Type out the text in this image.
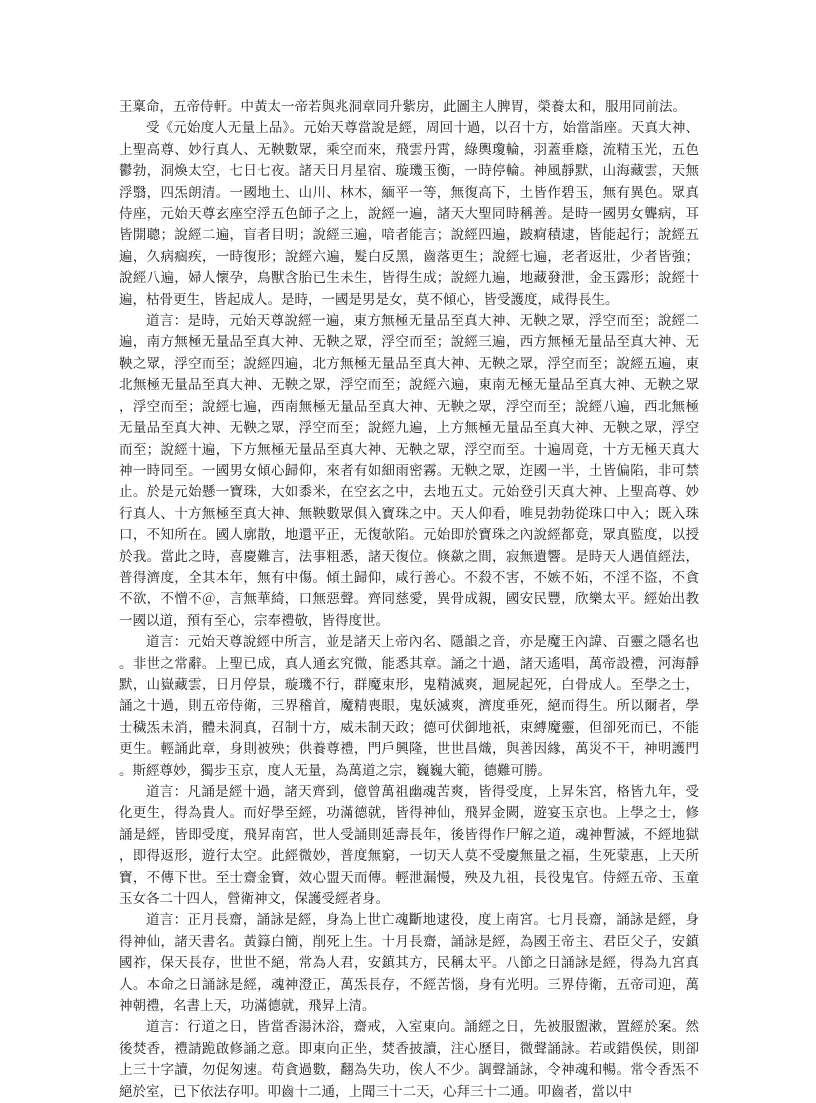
王稟命，五帝侍軒。中黃太一帝若與兆洞章同升紫房，此圖主人脾胃，榮養太和，服用同前法。

受《元始度人无量上品》。元始天尊當說是經，周回十過，以召十方，始當詣座。天真大神、上聖高尊、妙行真人、无鞅數眾，乘空而來，飛雲丹霄，綠輿瓊輪，羽蓋垂廕，流精玉光，五色鬱勃，洞煥太空，七日七夜。諸天日月星宿、璇璣玉衡，一時停輪。神風靜默，山海藏雲，天無浮翳，四炁朗清。一國地土、山川、林木，緬平一等，無復高下，土皆作碧玉，無有異色。眾真侍座，元始天尊玄座空浮五色師子之上，說經一遍，諸天大聖同時稱善。是時一國男女聾病，耳皆開聰；說經二遍，盲者目明；說經三遍，喑者能言；說經四遍，跛痾積逮，皆能起行；說經五遍，久病痼疾，一時復形；說經六遍，髮白反黑，齒落更生；說經七遍，老者返壯，少者皆強；說經八遍，婦人懷孕，鳥獸含胎已生未生，皆得生成；說經九遍，地藏發泄，金玉露形；說經十遍，枯骨更生，皆起成人。是時，一國是男是女，莫不傾心，皆受護度，咸得長生。

道言：是時，元始天尊說經一遍，東方無極无量品至真大神、无鞅之眾，浮空而至；說經二遍，南方無極无量品至真大神、无鞅之眾，浮空而至；說經三遍，西方無極无量品至真大神、无鞅之眾，浮空而至；說經四遍，北方無極无量品至真大神、无鞅之眾，浮空而至；說經五遍，東北無極无量品至真大神、无鞅之眾，浮空而至；說經六遍，東南无極无量品至真大神、无鞅之眾，浮空而至；說經七遍，西南無極无量品至真大神、无鞅之眾，浮空而至；說經八遍，西北無極无量品至真大神、无鞅之眾，浮空而至；說經九遍，上方無極无量品至真大神、无鞅之眾，浮空而至；說經十遍，下方無極无量品至真大神、无鞅之眾，浮空而至。十遍周竟，十方无極天真大神一時同至。一國男女傾心歸仰，來者有如細雨密霧。无鞅之眾，迮國一半，土皆偏陷，非可禁止。於是元始懸一寶珠，大如黍米，在空玄之中，去地五丈。元始登引天真大神、上聖高尊、妙行真人、十方無極至真大神、無鞅數眾俱入寶珠之中。天人仰看，唯見勃勃從珠口中入；既入珠口，不知所在。國人廓散，地還平正，无復欹陷。元始即於寶珠之內說經都竟，眾真監度，以授於我。當此之時，喜慶難言，法事粗悉，諸天復位。倏歘之間，寂無遺響。是時天人遇值經法，普得濟度，全其本年，無有中傷。傾土歸仰，咸行善心。不殺不害，不嫉不妬，不淫不盜，不貪不欲，不憎不＠，言無華綺，口無惡聲。齊同慈愛，異骨成親，國安民豐，欣樂太平。經始出教一國以道，預有至心，宗奉禮敬，皆得度世。

道言：元始天尊說經中所言，並是諸天上帝內名、隱韻之音，亦是魔王內諱、百靈之隱名也。非世之常辭。上聖已成，真人通玄究微，能悉其章。誦之十過，諸天遙唱，萬帝設禮，河海靜默，山嶽藏雲，日月停景，璇璣不行，群魔束形，鬼精滅爽，迴屍起死，白骨成人。至學之士，誦之十過，則五帝侍衛，三界稽首，魔精喪眼，鬼妖滅爽，濟度垂死，絕而得生。所以爾者，學士穢炁未消，體未洞真，召制十方，威未制天政；德可伏御地祇，束縛魔靈，但卻死而已，不能更生。輕誦此章，身則被殃；供養尊禮，門戶興隆，世世昌熾，與善因緣，萬災不干，神明護門。斯經尊妙，獨步玉京，度人无量，為萬道之宗，巍巍大範，德難可勝。

道言：凡誦是經十過，諸天齊到，億曾萬祖幽魂苦爽，皆得受度，上昇朱宮，格皆九年，受化更生，得為貴人。而好學至經，功滿德就，皆得神仙，飛昇金闕，遊宴玉京也。上學之士，修誦是經，皆即受度，飛昇南宮，世人受誦則延壽長年，後皆得作尸解之道，魂神暫滅，不經地獄，即得返形，遊行太空。此經微妙，普度無窮，一切天人莫不受慶無量之福，生死蒙惠，上天所寶，不傳下世。至士齋金寶，效心盟天而傳。輕泄漏慢，殃及九祖，長役鬼官。侍經五帝、玉童玉女各二十四人，營衛神文，保護受經者身。

道言：正月長齋，誦詠是經，身為上世亡魂斷地逮役，度上南宮。七月長齋，誦詠是經，身得神仙，諸天書名。黃籙白簡，削死上生。十月長齋，誦詠是經，為國王帝主、君臣父子，安鎮國祚，保天長存，世世不絕，常為人君，安鎮其方，民稱太平。八節之日誦詠是經，得為九宮真人。本命之日誦詠是經，魂神澄正，萬炁長存，不經苦惱，身有光明。三界侍衛，五帝司迎，萬神朝禮，名書上天，功滿德就，飛昇上清。

道言：行道之日，皆當香湯沐浴，齋戒，入室東向。誦經之日，先被服盥漱，置經於案。然後焚香，禮請跪啟修誦之意。即東向正坐，焚香披讀，注心歷目，微聲誦詠。若或錯俁侯，則卻上三十字讀，勿促匆速。苟貪過數，翻為失功，俟人不少。調聲誦詠，令神魂和暢。常令香炁不絕於室，已下依法存叩。叩齒十二通，上聞三十二天，心拜三十二通。叩齒者，當以中
